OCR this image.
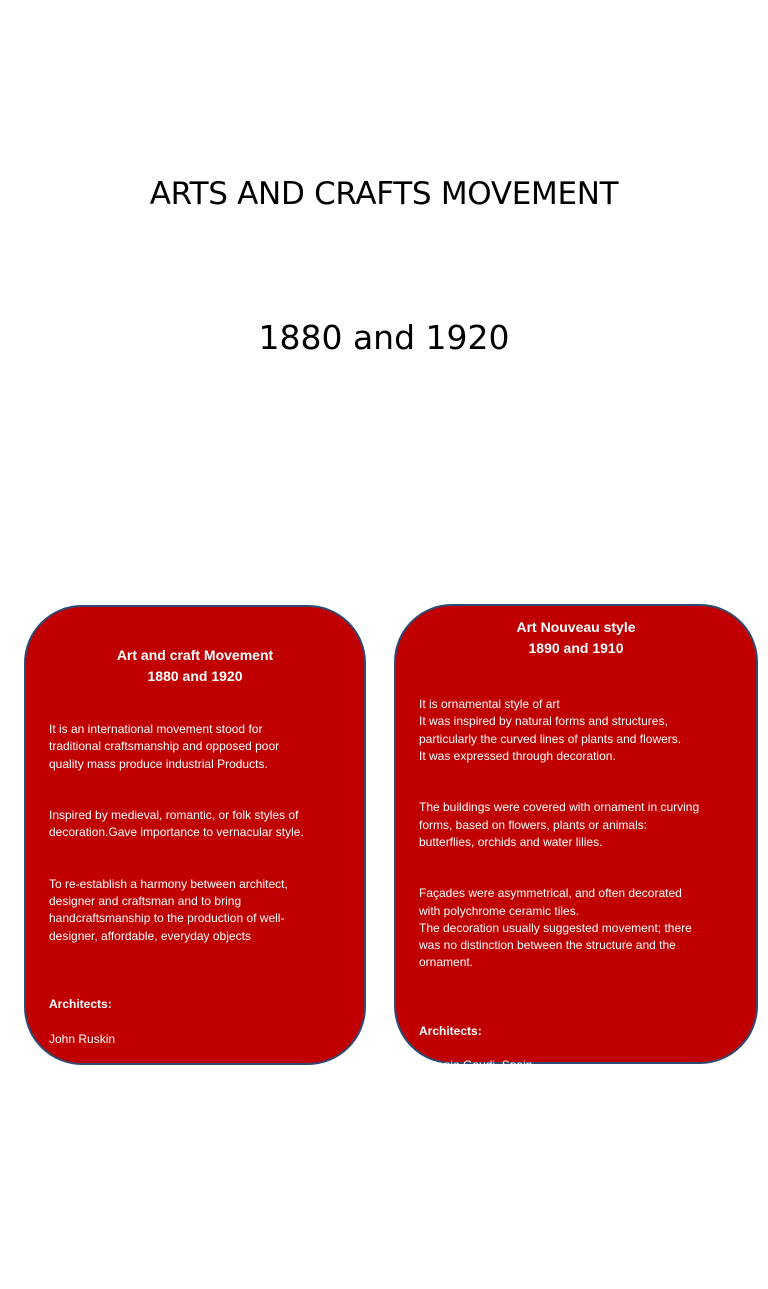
ARTS AND CRAFTS MOVEMENT
1880 and 1920
Art and craft Movement
1880 and 1920

It is an international movement stood for
traditional craftsmanship and opposed poor
quality mass produce industrial Products.

Inspired by medieval, romantic, or folk styles of
decoration.Gave importance to vernacular style.

To re-establish a harmony between architect,
designer and craftsman and to bring
handcraftsmanship to the production of well-
designer, affordable, everyday objects

Architects:

John Ruskin

William Morris

Philip Webb

Example:

Red House, in Bexleyheath London

Art Nouveau style
1890 and 1910

It is ornamental style of art
It was inspired by natural forms and structures,
particularly the curved lines of plants and flowers.
It was expressed through decoration.

The buildings were covered with ornament in curving
forms, based on flowers, plants or animals:
butterflies, orchids and water lilies.

Façades were asymmetrical, and often decorated
with polychrome ceramic tiles.
The decoration usually suggested movement; there
was no distinction between the structure and the
ornament.

Architects:

Antonio Gaudi, Spain

Charles Rennie Mackintosh, United Kingdom

Victor Horta, Belgian Architect

Otto Wagner , Austrian Architect
